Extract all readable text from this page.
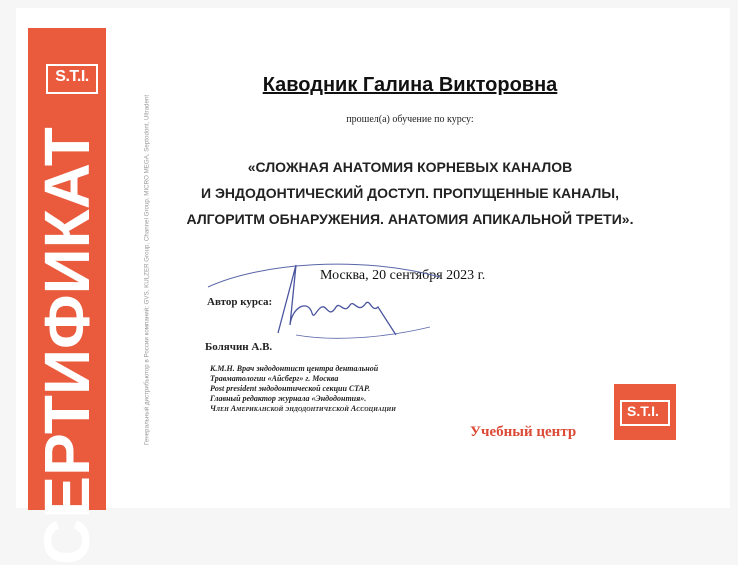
S.T.I.
СЕРТИФИКАТ	Генеральный дистрибьютор в России компаний: GVS, KULZER Group, Channel Group, MICRO MEGA, Septodont, Ultradent
Каводник Галина Викторовна
прошел(а) обучение по курсу:
«СЛОЖНАЯ АНАТОМИЯ КОРНЕВЫХ КАНАЛОВ
И ЭНДОДОНТИЧЕСКИЙ ДОСТУП. ПРОПУЩЕННЫЕ КАНАЛЫ,
АЛГОРИТМ ОБНАРУЖЕНИЯ. АНАТОМИЯ АПИКАЛЬНОЙ ТРЕТИ».
Москва, 20 сентября 2023 г.
Автор курса:
Болячин А.В.
К.М.Н. Врач эндодонтист центра дентальной
Травматологии «Айсберг» г. Москва
Post president эндодонтической секции СТАР.
Главный редактор журнала «Эндодонтия».
Член Американской эндодонтической Ассоциации
Учебный центр
S.T.I.
